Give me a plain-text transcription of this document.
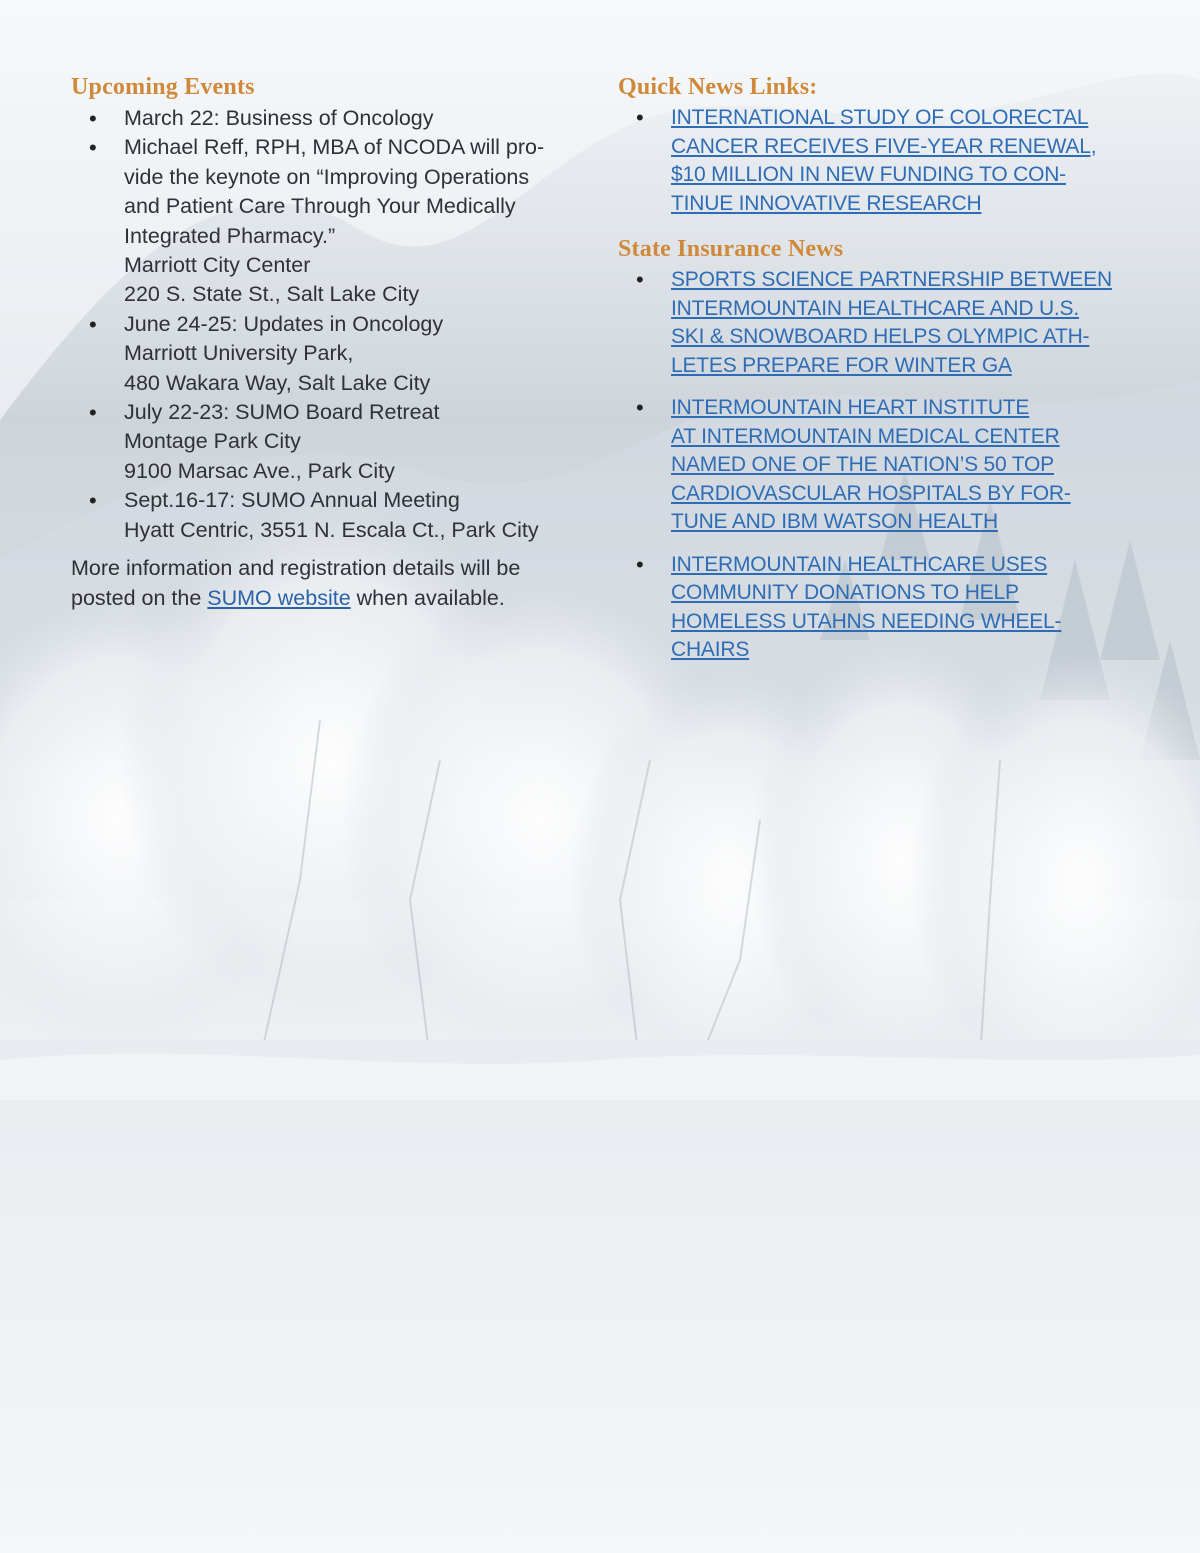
Upcoming Events
• March 22: Business of Oncology
• Michael Reff, RPH, MBA of NCODA will pro-
vide the keynote on “Improving Operations
and Patient Care Through Your Medically
Integrated Pharmacy.”
Marriott City Center
220 S. State St., Salt Lake City
• June 24-25: Updates in Oncology
Marriott University Park,
480 Wakara Way, Salt Lake City
• July 22-23: SUMO Board Retreat
Montage Park City
9100 Marsac Ave., Park City
• Sept.16-17: SUMO Annual Meeting
Hyatt Centric, 3551 N. Escala Ct., Park City

More information and registration details will be
posted on the SUMO website when available.

Quick News Links:
• INTERNATIONAL STUDY OF COLORECTAL
CANCER RECEIVES FIVE-YEAR RENEWAL,
$10 MILLION IN NEW FUNDING TO CON-
TINUE INNOVATIVE RESEARCH
State Insurance News
• SPORTS SCIENCE PARTNERSHIP BETWEEN
INTERMOUNTAIN HEALTHCARE AND U.S.
SKI & SNOWBOARD HELPS OLYMPIC ATH-
LETES PREPARE FOR WINTER GA
• INTERMOUNTAIN HEART INSTITUTE
AT INTERMOUNTAIN MEDICAL CENTER
NAMED ONE OF THE NATION’S 50 TOP
CARDIOVASCULAR HOSPITALS BY FOR-
TUNE AND IBM WATSON HEALTH
• INTERMOUNTAIN HEALTHCARE USES
COMMUNITY DONATIONS TO HELP
HOMELESS UTAHNS NEEDING WHEEL-
CHAIRS
